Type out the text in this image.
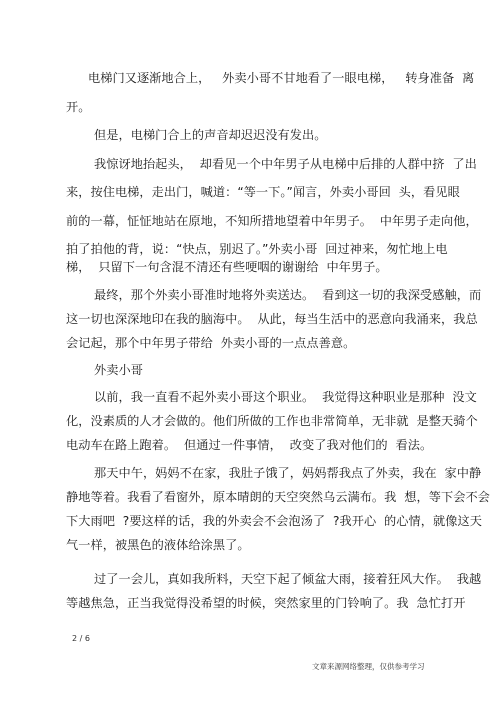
电梯门又逐渐地合上，   外卖小哥不甘地看了一眼电梯，   转身准备  离
开。
但是，电梯门合上的声音却迟迟没有发出。
我惊讶地抬起头，  却看见一个中年男子从电梯中后排的人群中挤  了出
来，按住电梯，走出门，喊道：“等一下。”闻言，外卖小哥回  头，看见眼
前的一幕，怔怔地站在原地，不知所措地望着中年男子。  中年男子走向他，
拍了拍他的背，说：“快点，别迟了。”外卖小哥  回过神来，匆忙地上电
梯，  只留下一句含混不清还有些哽咽的谢谢给  中年男子。
最终，那个外卖小哥准时地将外卖送达。  看到这一切的我深受感触，而
这一切也深深地印在我的脑海中。  从此，每当生活中的恶意向我涌来，我总
会记起，那个中年男子带给  外卖小哥的一点点善意。
外卖小哥
以前，我一直看不起外卖小哥这个职业。  我觉得这种职业是那种  没文
化，没素质的人才会做的。他们所做的工作也非常简单，无非就  是整天骑个
电动车在路上跑着。  但通过一件事情，  改变了我对他们的  看法。
那天中午，妈妈不在家，我肚子饿了，妈妈帮我点了外卖，我在  家中静
静地等着。我看了看窗外，原本晴朗的天空突然乌云满布。我  想，等下会不会
下大雨吧  ?要这样的话，我的外卖会不会泡汤了  ?我开心  的心情，就像这天
气一样，被黑色的液体给涂黑了。
过了一会儿，真如我所料，天空下起了倾盆大雨，接着狂风大作。  我越
等越焦急，正当我觉得没希望的时候，突然家里的门铃响了。我  急忙打开
2 / 6
文章来源网络整理，仅供参考学习
